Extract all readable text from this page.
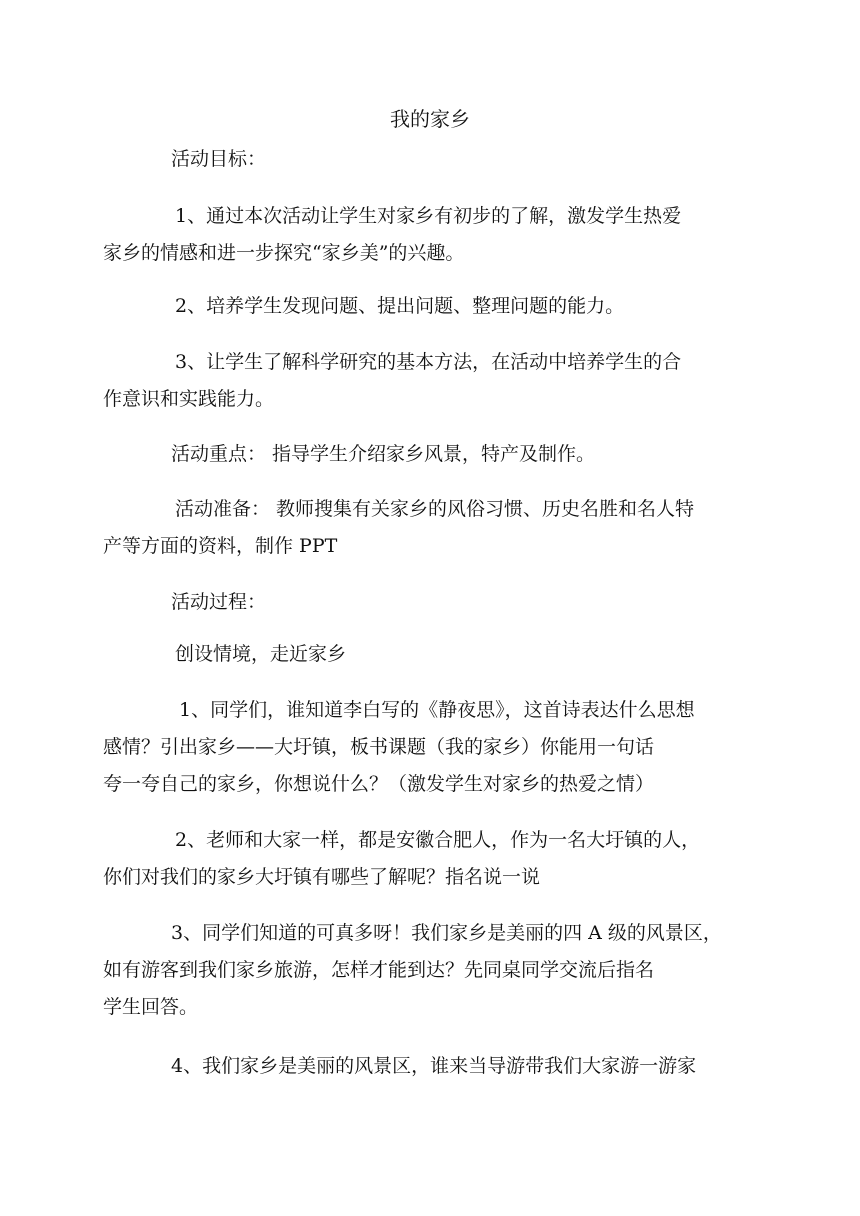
我的家乡
活动目标：
1、通过本次活动让学生对家乡有初步的了解，激发学生热爱
家乡的情感和进一步探究“家乡美”的兴趣。
2、培养学生发现问题、提出问题、整理问题的能力。
3、让学生了解科学研究的基本方法，在活动中培养学生的合
作意识和实践能力。
活动重点： 指导学生介绍家乡风景，特产及制作。
活动准备： 教师搜集有关家乡的风俗习惯、历史名胜和名人特
产等方面的资料，制作 PPT
活动过程：
创设情境，走近家乡
1、同学们，谁知道李白写的《静夜思》，这首诗表达什么思想
感情？引出家乡——大圩镇，板书课题（我的家乡）你能用一句话
夸一夸自己的家乡，你想说什么？（激发学生对家乡的热爱之情）
2、老师和大家一样，都是安徽合肥人，作为一名大圩镇的人，
你们对我们的家乡大圩镇有哪些了解呢？指名说一说
3、同学们知道的可真多呀！我们家乡是美丽的四 A 级的风景区，
如有游客到我们家乡旅游，怎样才能到达？先同桌同学交流后指名
学生回答。
4、我们家乡是美丽的风景区，谁来当导游带我们大家游一游家
